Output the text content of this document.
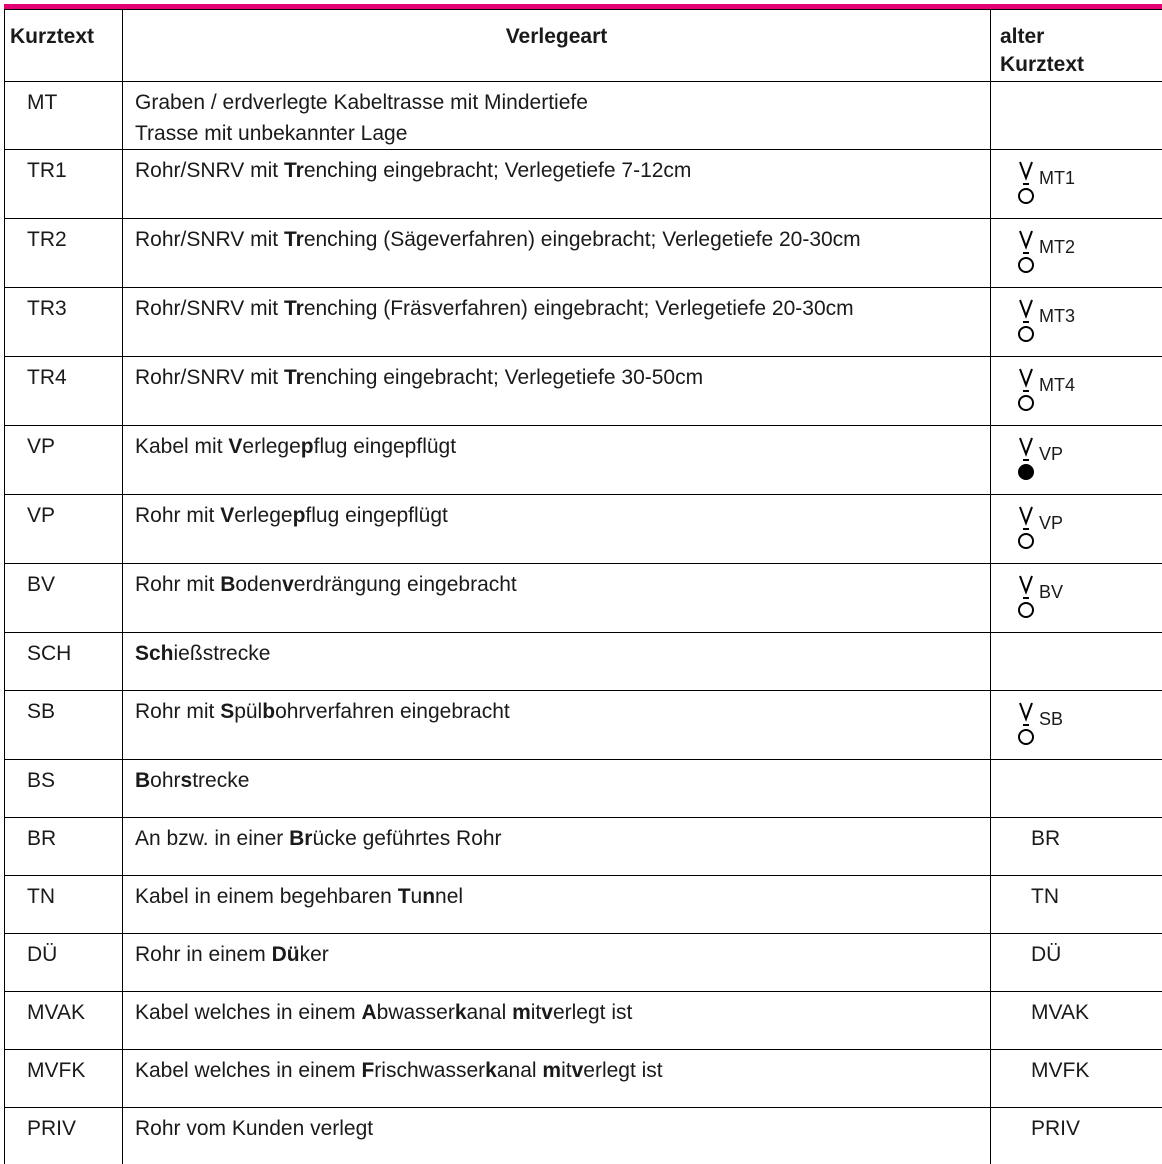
Kurztext	Verlegeart	alter
Kurztext
MT	Graben / erdverlegte Kabeltrasse mit Mindertiefe
Trasse mit unbekannter Lage	
TR1	Rohr/SNRV mit Trenching eingebracht; Verlegetiefe 7-12cm	MT1

TR2	Rohr/SNRV mit Trenching (Sägeverfahren) eingebracht; Verlegetiefe 20-30cm	MT2

TR3	Rohr/SNRV mit Trenching (Fräsverfahren) eingebracht; Verlegetiefe 20-30cm	MT3

TR4	Rohr/SNRV mit Trenching eingebracht; Verlegetiefe 30-50cm	MT4

VP	Kabel mit Verlegepflug eingepflügt	VP

VP	Rohr mit Verlegepflug eingepflügt	VP

BV	Rohr mit Bodenverdrängung eingebracht	BV

SCH	Schießstrecke	
SB	Rohr mit Spülbohrverfahren eingebracht	SB

BS	Bohrstrecke	
BR	An bzw. in einer Brücke geführtes Rohr	BR

TN	Kabel in einem begehbaren Tunnel	TN

DÜ	Rohr in einem Düker	DÜ

MVAK	Kabel welches in einem Abwasserkanal mitverlegt ist	MVAK

MVFK	Kabel welches in einem Frischwasserkanal mitverlegt ist	MVFK

PRIV	Rohr vom Kunden verlegt	PRIV
